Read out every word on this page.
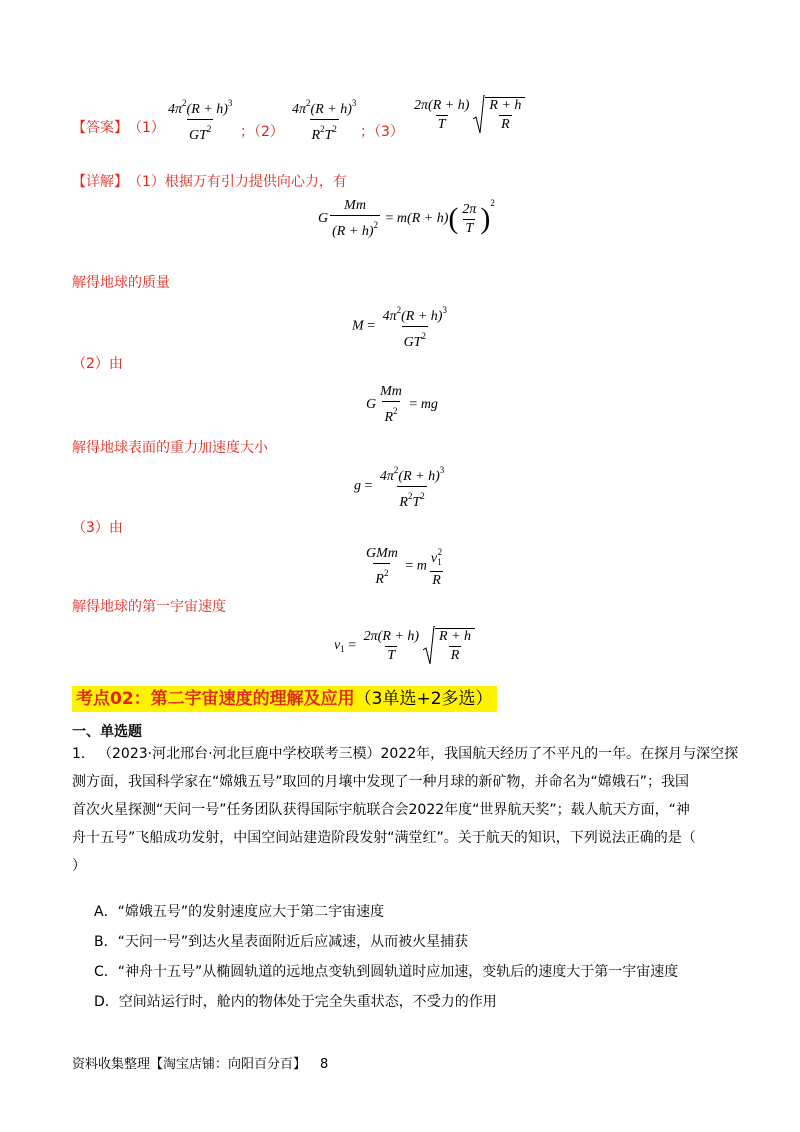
【答案】 $(1) \frac{4\pi^2(R + h)^3}{GT^2}$ ；$(2) \frac{4\pi^2(R + h)^3}{R^2T^2}$ ；$(3) \frac{2\pi(R + h)}{T} \frac{R + h}{R}$
【详解】 （1）根据万有引力提供向心力，有
G $\frac{Mm}{(R + h)^2} = m(R + h)( \frac{2\pi}{T} )^2$
解得地球的质量
$M = \frac{4\pi^2(R + h)^3}{GT^2}$
（2）由
G $\frac{Mm}{R^2}$ = mg
解得地球表面的重力加速度大小
$g = \frac{4\pi^2(R + h)^3}{R^2T^2}$
（3）由
$\frac{\text{GMm}}{R^2} = m \frac{v_1^2}{R}$
解得地球的第一宇宙速度
$v_1 = \frac{2\pi(R + h)}{T} \frac{R + h}{R}$
考点02：第二宇宙速度的理解及应用（3单选+2多选）
一、单选题
1． （2023·河北邢台·河北巨鹿中学校联考三模）2022年，我国航天经历了不平凡的一年。在探月与深空探
测方面，我国科学家在“嫦娥五号”取回的月壤中发现了一种月球的新矿物，并命名为“嫦娥石”；我国
首次火星探测“天问一号”任务团队获得国际宇航联合会2022年度“世界航天奖”；载人航天方面，“神
舟十五号”飞船成功发射，中国空间站建造阶段发射“满堂红”。关于航天的知识，下列说法正确的是（
）
A．“嫦娥五号”的发射速度应大于第二宇宙速度
B．“天问一号”到达火星表面附近后应减速，从而被火星捕获
C．“神舟十五号”从椭圆轨道的远地点变轨到圆轨道时应加速，变轨后的速度大于第一宇宙速度
D．空间站运行时，舱内的物体处于完全失重状态，不受力的作用
资料收集整理【淘宝店铺：向阳百分百】 8
